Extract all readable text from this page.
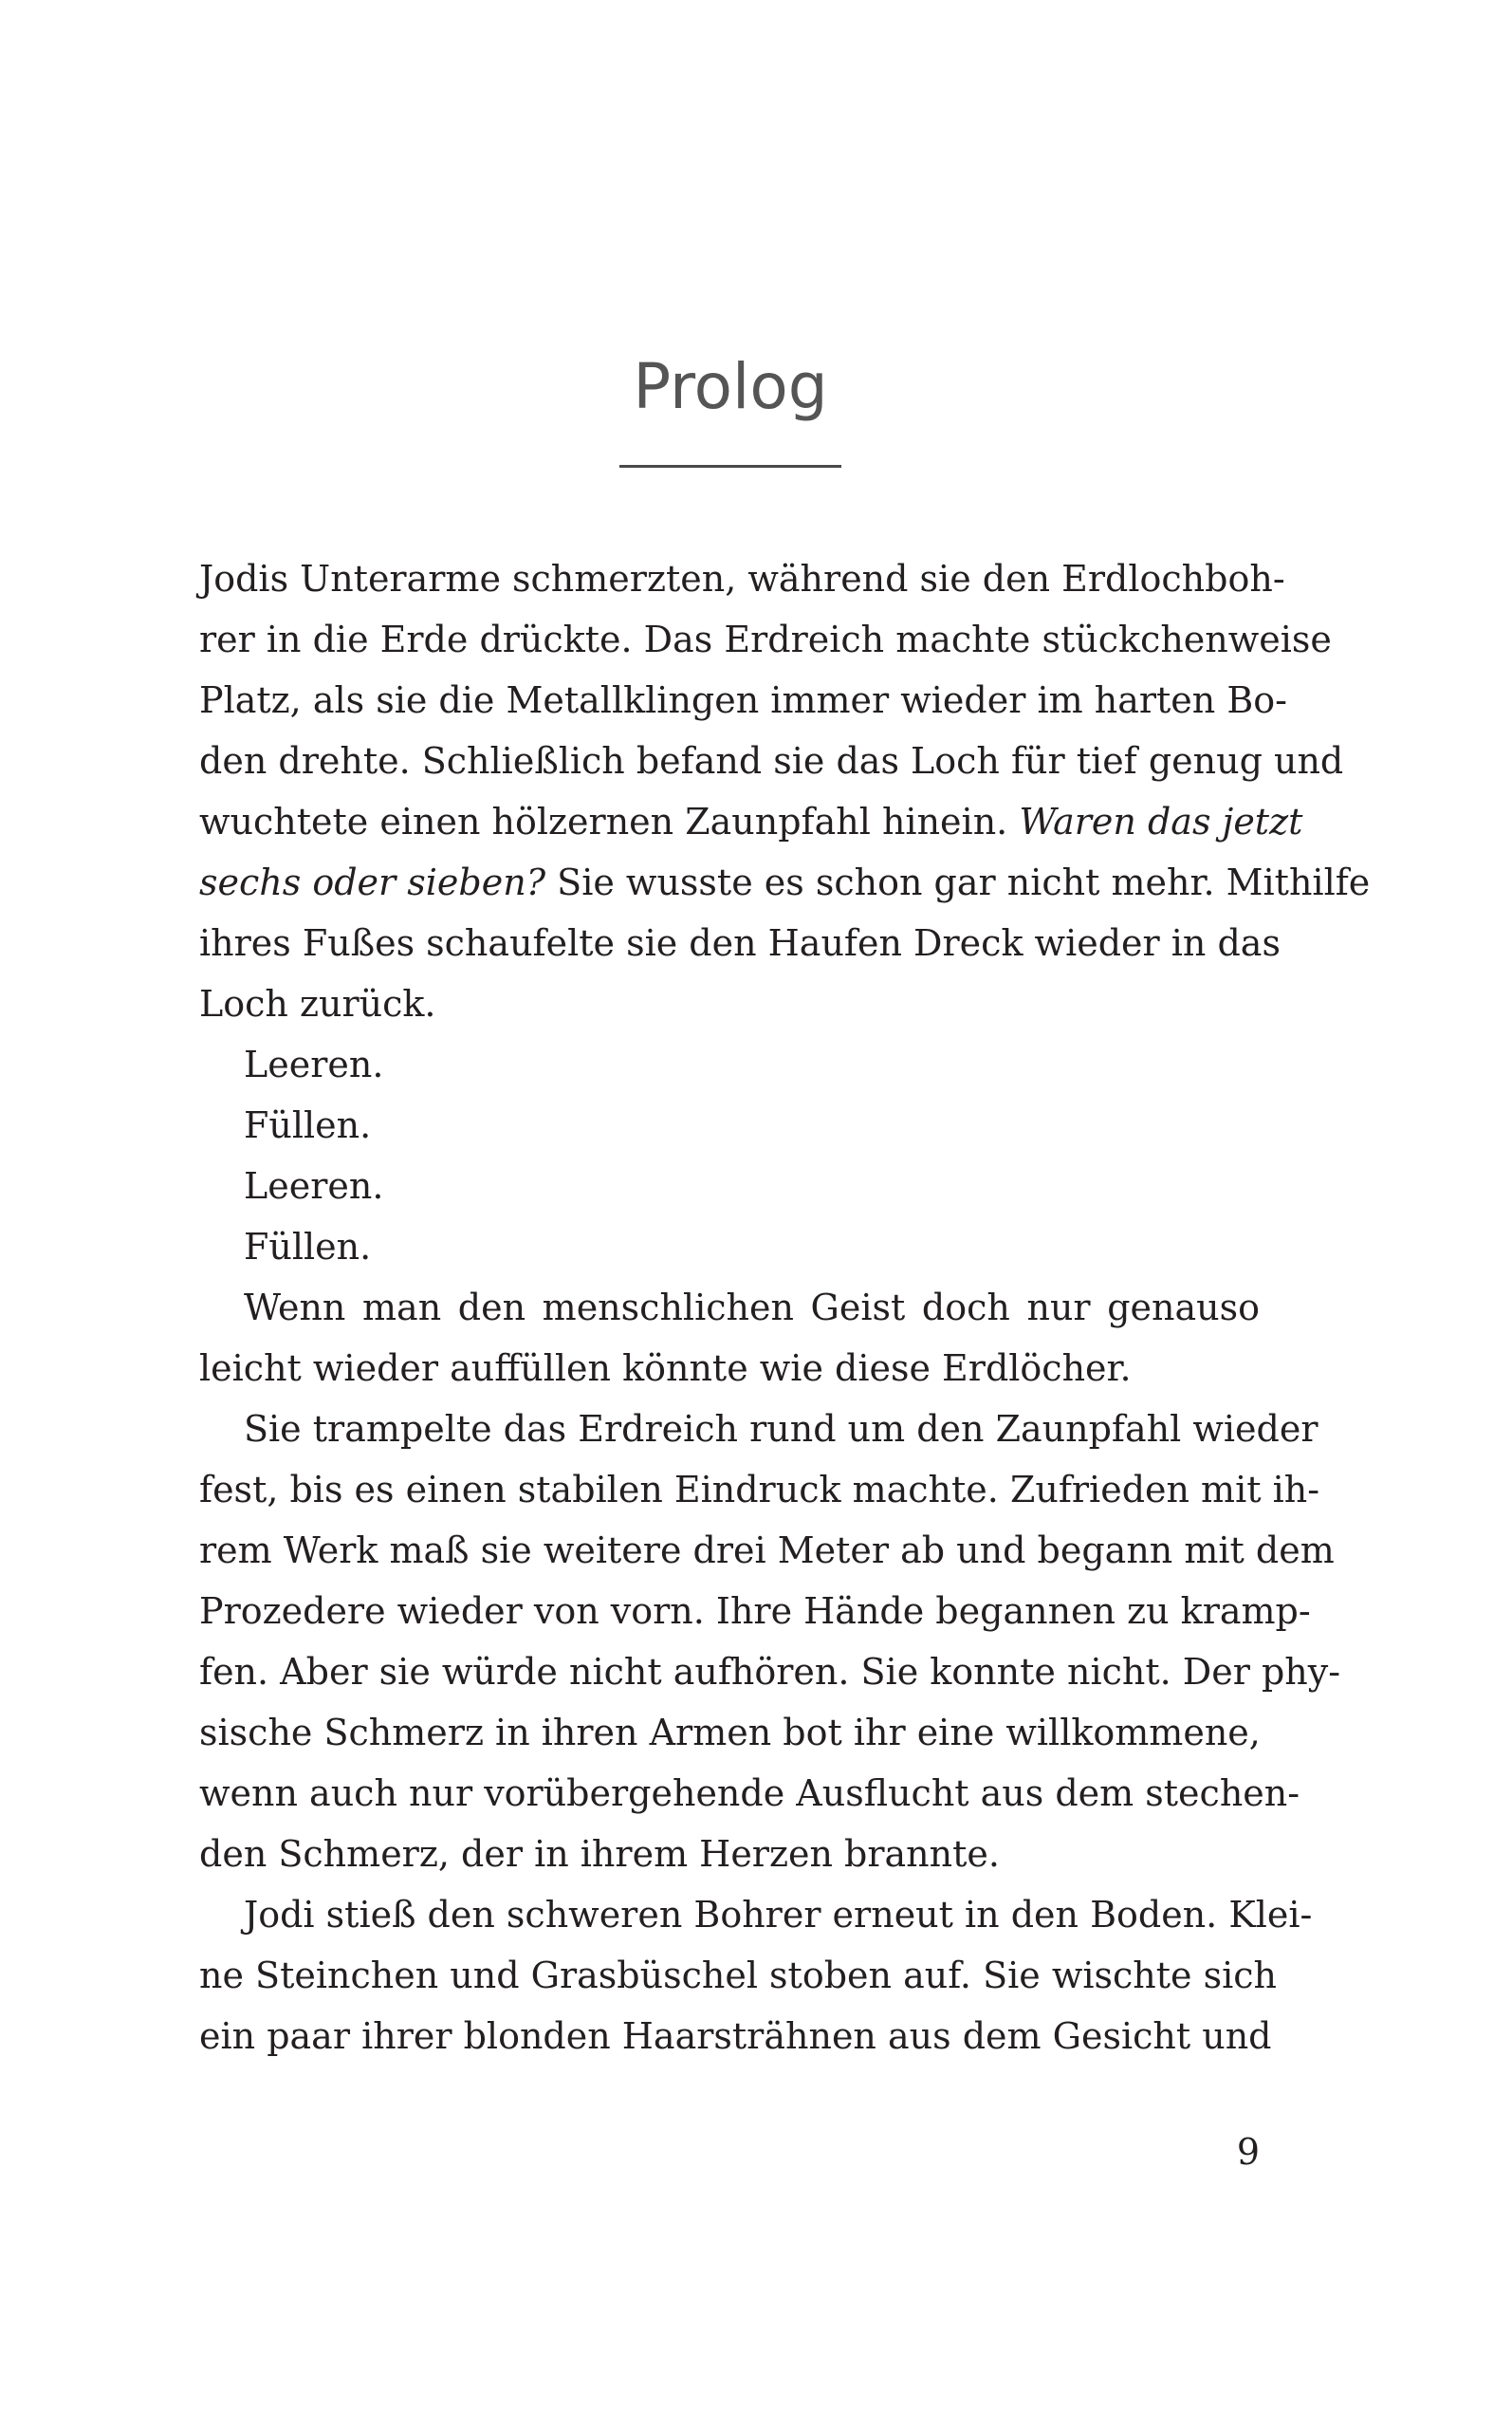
Prolog
Jodis Unterarme schmerzten, während sie den Erdlochboh-
rer in die Erde drückte. Das Erdreich machte stückchenweise
Platz, als sie die Metallklingen immer wieder im harten Bo-
den drehte. Schließlich befand sie das Loch für tief genug und
wuchtete einen hölzernen Zaunpfahl hinein. Waren das jetzt
sechs oder sieben? Sie wusste es schon gar nicht mehr. Mithilfe
ihres Fußes schaufelte sie den Haufen Dreck wieder in das
Loch zurück.
Leeren.
Füllen.
Leeren.
Füllen.
Wenn man den menschlichen Geist doch nur genauso
leicht wieder auffüllen könnte wie diese Erdlöcher.
Sie trampelte das Erdreich rund um den Zaunpfahl wieder
fest, bis es einen stabilen Eindruck machte. Zufrieden mit ih-
rem Werk maß sie weitere drei Meter ab und begann mit dem
Prozedere wieder von vorn. Ihre Hände begannen zu kramp-
fen. Aber sie würde nicht aufhören. Sie konnte nicht. Der phy-
sische Schmerz in ihren Armen bot ihr eine willkommene,
wenn auch nur vorübergehende Ausflucht aus dem stechen-
den Schmerz, der in ihrem Herzen brannte.
Jodi stieß den schweren Bohrer erneut in den Boden. Klei-
ne Steinchen und Grasbüschel stoben auf. Sie wischte sich
ein paar ihrer blonden Haarsträhnen aus dem Gesicht und
9
